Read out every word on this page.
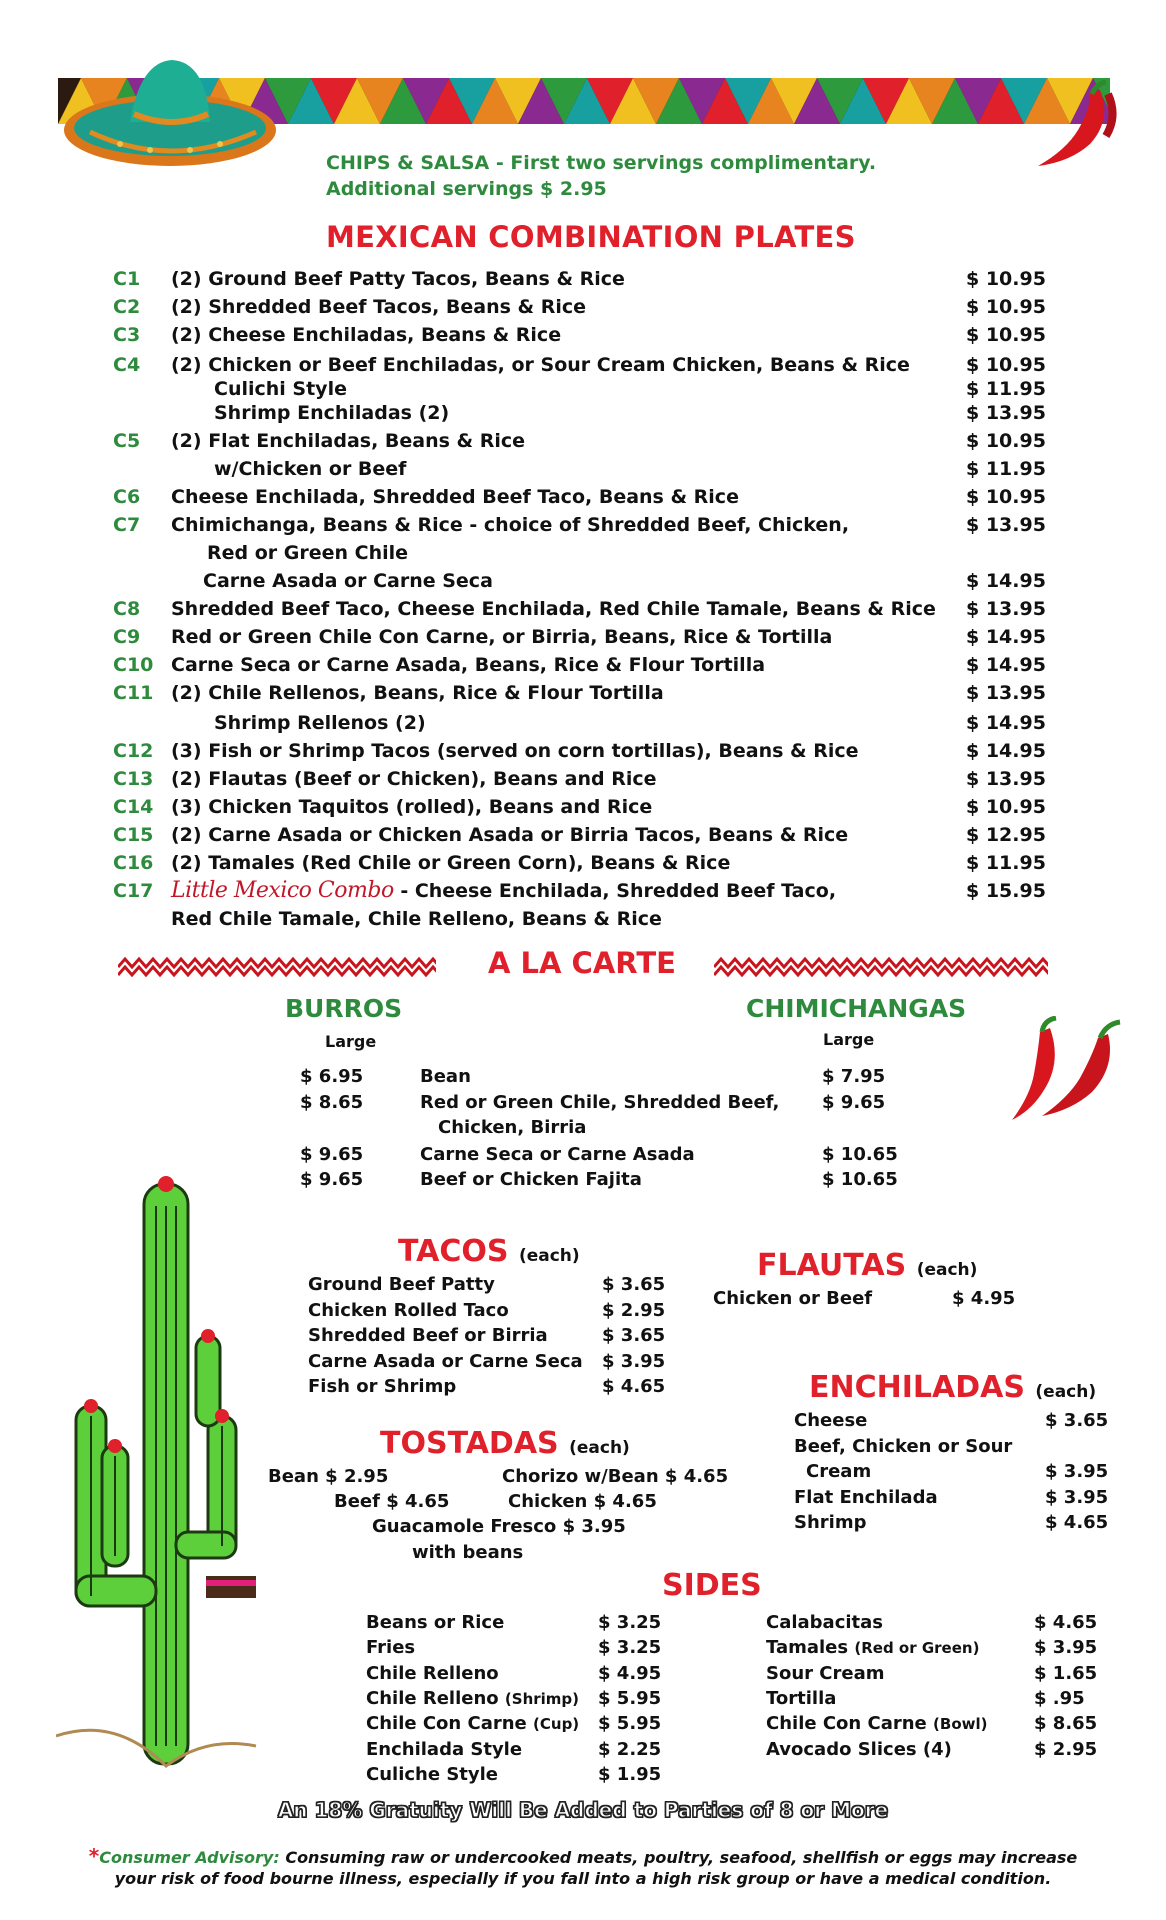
CHIPS & SALSA - First two servings complimentary.
Additional servings $ 2.95
MEXICAN COMBINATION PLATES
C1 (2) Ground Beef Patty Tacos, Beans & Rice	$ 10.95
C2 (2) Shredded Beef Tacos, Beans & Rice	$ 10.95
C3 (2) Cheese Enchiladas, Beans & Rice	$ 10.95
C4 (2) Chicken or Beef Enchiladas, or Sour Cream Chicken, Beans & Rice	$ 10.95
Culichi Style	$ 11.95
Shrimp Enchiladas (2)	$ 13.95
C5 (2) Flat Enchiladas, Beans & Rice	$ 10.95
w/Chicken or Beef	$ 11.95
C6 Cheese Enchilada, Shredded Beef Taco, Beans & Rice	$ 10.95
C7 Chimichanga, Beans & Rice - choice of Shredded Beef, Chicken,	$ 13.95
Red or Green Chile
Carne Asada or Carne Seca	$ 14.95
C8 Shredded Beef Taco, Cheese Enchilada, Red Chile Tamale, Beans & Rice $ 13.95
C9 Red or Green Chile Con Carne, or Birria, Beans, Rice & Tortilla	$ 14.95
C10 Carne Seca or Carne Asada, Beans, Rice & Flour Tortilla	$ 14.95
C11 (2) Chile Rellenos, Beans, Rice & Flour Tortilla	$ 13.95
Shrimp Rellenos (2)	$ 14.95
C12 (3) Fish or Shrimp Tacos (served on corn tortillas), Beans & Rice	$ 14.95
C13 (2) Flautas (Beef or Chicken), Beans and Rice	$ 13.95
C14 (3) Chicken Taquitos (rolled), Beans and Rice	$ 10.95
C15 (2) Carne Asada or Chicken Asada or Birria Tacos, Beans & Rice	$ 12.95
C16 (2) Tamales (Red Chile or Green Corn), Beans & Rice	$ 11.95
C17 Little Mexico Combo - Cheese Enchilada, Shredded Beef Taco,
Red Chile Tamale, Chile Relleno, Beans & Rice
$ 15.95
A LA CARTE
BURROS	CHIMICHANGAS
Large	Large
$ 6.95	Bean	$ 7.95
$ 8.65	Red or Green Chile, Shredded Beef, $ 9.65
Chicken, Birria
$ 9.65	Carne Seca or Carne Asada	$ 10.65
$ 9.65	Beef or Chicken Fajita	$ 10.65
TACOS (each)
Ground Beef Patty	$ 3.65
Chicken Rolled Taco	$ 2.95
Shredded Beef or Birria	$ 3.65
Carne Asada or Carne Seca $ 3.95
Fish or Shrimp	$ 4.65
FLAUTAS (each)
Chicken or Beef	$ 4.95
ENCHILADAS (each)
Cheese	$ 3.65
Beef, Chicken or Sour
Cream	$ 3.95
Flat Enchilada	$ 3.95
Shrimp	$ 4.65
TOSTADAS (each)
Bean $ 2.95	Chorizo w/Bean $ 4.65
Beef $ 4.65	Chicken $ 4.65
Guacamole Fresco $ 3.95
with beans
SIDES
Beans or Rice	$ 3.25
Fries	$ 3.25
Chile Relleno	$ 4.95
Chile Relleno (Shrimp) $ 5.95
Chile Con Carne (Cup) $ 5.95
Enchilada Style	$ 2.25
Culiche Style	$ 1.95
Calabacitas	$ 4.65
Tamales (Red or Green)	$ 3.95
Sour Cream	$ 1.65
Tortilla	$ .95
Chile Con Carne (Bowl)	$ 8.65
Avocado Slices (4)	$ 2.95
An 18% Gratuity Will Be Added to Parties of 8 or More
*Consumer Advisory: Consuming raw or undercooked meats, poultry, seafood, shellfish or eggs may increase
your risk of food bourne illness, especially if you fall into a high risk group or have a medical condition.
